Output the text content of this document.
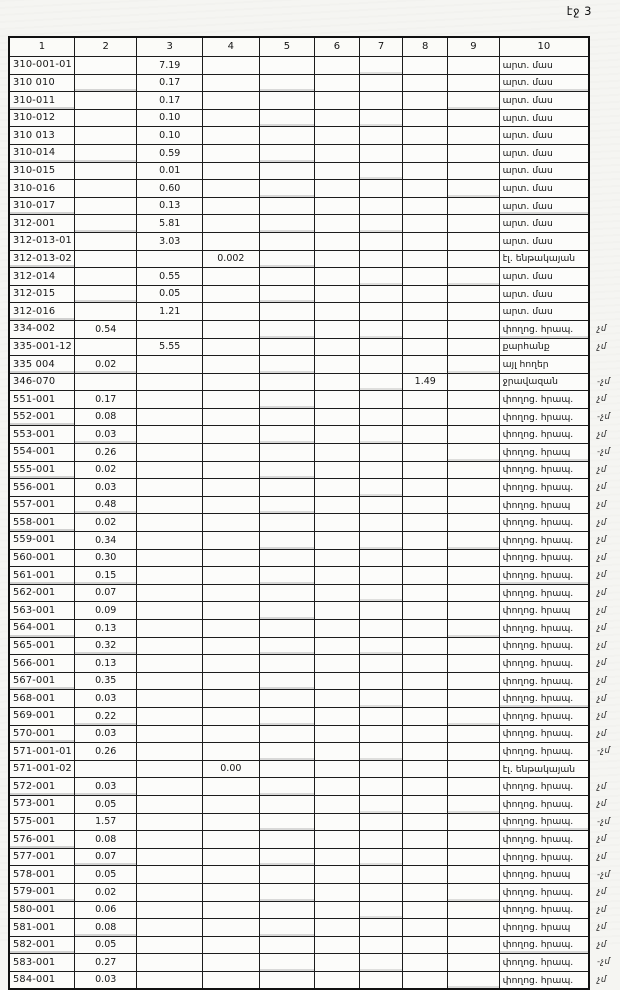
էջ 3
1	2	3	4	5	6	7	8	9	10	
310-001-01		7.19							արտ. մաս	
310 010		0.17							արտ. մաս	
310-011		0.17							արտ. մաս	
310-012		0.10							արտ. մաս	
310 013		0.10							արտ. մաս	
310-014		0.59							արտ. մաս	
310-015		0.01							արտ. մաս	
310-016		0.60							արտ. մաս	
310-017		0.13							արտ. մաս	
312-001		5.81							արտ. մաս	
312-013-01		3.03							արտ. մաս	
312-013-02			0.002						էլ. ենթակայան	
312-014		0.55							արտ. մաս	
312-015		0.05							արտ. մաս	
312-016		1.21							արտ. մաս	
334-002	0.54								փողոց. հրապ.	չմ
335-001-12		5.55							քարհանք	չմ
335 004	0.02								այլ հողեր	
346-070							1.49		ջրավազան	-չմ
551-001	0.17								փողոց. հրապ.	չմ
552-001	0.08								փողոց. հրապ.	-չմ
553-001	0.03								փողոց. հրապ.	չմ
554-001	0.26								փողոց. հրապ	-չմ
555-001	0.02								փողոց. հրապ.	չմ
556-001	0.03								փողոց. հրապ.	չմ
557-001	0.48								փողոց. հրապ	չմ
558-001	0.02								փողոց. հրապ.	չմ
559-001	0.34								փողոց. հրապ.	չմ
560-001	0.30								փողոց. հրապ.	չմ
561-001	0.15								փողոց. հրապ.	չմ
562-001	0.07								փողոց. հրապ.	չմ
563-001	0.09								փողոց. հրապ	չմ
564-001	0.13								փողոց. հրապ.	չմ
565-001	0.32								փողոց. հրապ.	չմ
566-001	0.13								փողոց. հրապ.	չմ
567-001	0.35								փողոց. հրապ.	չմ
568-001	0.03								փողոց. հրապ.	չմ
569-001	0.22								փողոց. հրապ.	չմ
570-001	0.03								փողոց. հրապ.	չմ
571-001-01	0.26								փողոց. հրապ.	-չմ
571-001-02			0.00						էլ. ենթակայան	
572-001	0.03								փողոց. հրապ.	չմ
573-001	0.05								փողոց. հրապ.	չմ
575-001	1.57								փողոց. հրապ.	-չմ
576-001	0.08								փողոց. հրապ.	չմ
577-001	0.07								փողոց. հրապ.	չմ
578-001	0.05								փողոց. հրապ	-չմ
579-001	0.02								փողոց. հրապ.	չմ
580-001	0.06								փողոց. հրապ.	չմ
581-001	0.08								փողոց. հրապ	չմ
582-001	0.05								փողոց. հրապ.	չմ
583-001	0.27								փողոց. հրապ.	-չմ
584-001	0.03								փողոց. հրապ.	չմ
